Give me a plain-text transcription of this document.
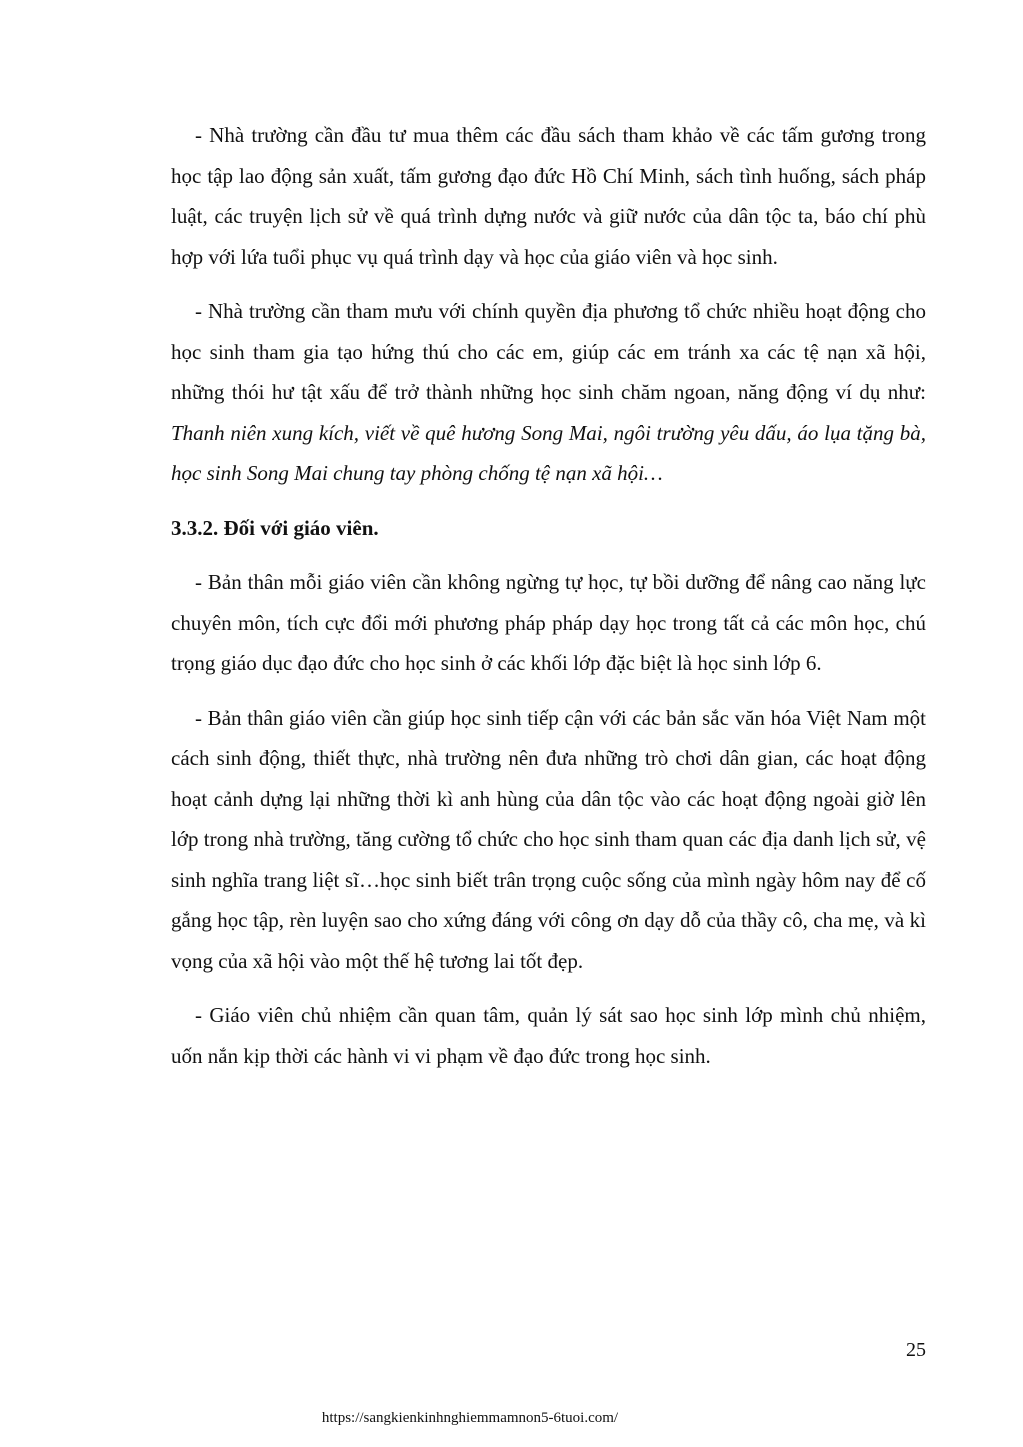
- Nhà trường cần đầu tư mua thêm các đầu sách tham khảo về các tấm gương trong học tập lao động sản xuất, tấm gương đạo đức Hồ Chí Minh, sách tình huống, sách pháp luật, các truyện lịch sử về quá trình dựng nước và giữ nước của dân tộc ta, báo chí phù hợp với lứa tuổi phục vụ quá trình dạy và học của giáo viên và học sinh.

- Nhà trường cần tham mưu với chính quyền địa phương tổ chức nhiều hoạt động cho học sinh tham gia tạo hứng thú cho các em, giúp các em tránh xa các tệ nạn xã hội, những thói hư tật xấu để trở thành những học sinh chăm ngoan, năng động ví dụ như: Thanh niên xung kích, viết về quê hương Song Mai, ngôi trường yêu dấu, áo lụa tặng bà, học sinh Song Mai chung tay phòng chống tệ nạn xã hội…

3.3.2. Đối với giáo viên.

- Bản thân mỗi giáo viên cần không ngừng tự học, tự bồi dưỡng để nâng cao năng lực chuyên môn, tích cực đổi mới phương pháp pháp dạy học trong tất cả các môn học, chú trọng giáo dục đạo đức cho học sinh ở các khối lớp đặc biệt là học sinh lớp 6.

- Bản thân giáo viên cần giúp học sinh tiếp cận với các bản sắc văn hóa Việt Nam một cách sinh động, thiết thực, nhà trường nên đưa những trò chơi dân gian, các hoạt động hoạt cảnh dựng lại những thời kì anh hùng của dân tộc vào các hoạt động ngoài giờ lên lớp trong nhà trường, tăng cường tổ chức cho học sinh tham quan các địa danh lịch sử, vệ sinh nghĩa trang liệt sĩ…học sinh biết trân trọng cuộc sống của mình ngày hôm nay để cố gắng học tập, rèn luyện sao cho xứng đáng với công ơn dạy dỗ của thầy cô, cha mẹ, và kì vọng của xã hội vào một thế hệ tương lai tốt đẹp.

- Giáo viên chủ nhiệm cần quan tâm, quản lý sát sao học sinh lớp mình chủ nhiệm, uốn nắn kịp thời các hành vi vi phạm về đạo đức trong học sinh.

25
https://sangkienkinhnghiemmamnon5-6tuoi.com/
